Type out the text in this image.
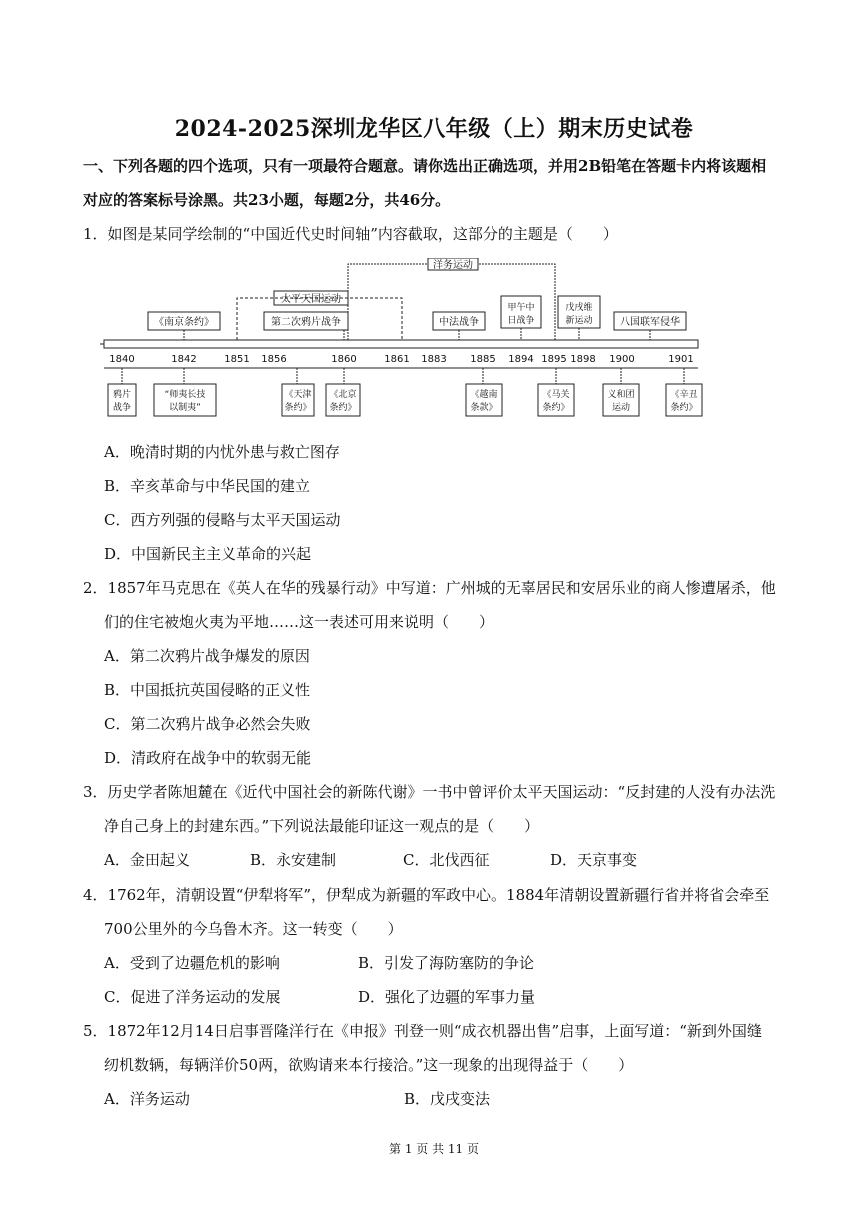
2024-2025深圳龙华区八年级（上）期末历史试卷
一、下列各题的四个选项，只有一项最符合题意。请你选出正确选项，并用2B铅笔在答题卡内将该题相
对应的答案标号涂黑。共23小题，每题2分，共46分。
1．如图是某同学绘制的“中国近代史时间轴”内容截取，这部分的主题是（　　）
1840	1842	1851 1856	1860	1861 1883 1885 1894 1895 1898 1900	1901
《南京条约》
太平天国运动
第二次鸦片战争
洋务运动
中法战争
甲午中
日战争
戊戌维
新运动	八国联军侵华
鸦片
战争
“师夷长技
以制夷”
《天津
条约》
《北京
条约》
《越南
条款》
《马关
条约》
义和团
运动
《辛丑
条约》
A．晚清时期的内忧外患与救亡图存
B．辛亥革命与中华民国的建立
C．西方列强的侵略与太平天国运动
D．中国新民主主义革命的兴起
2．1857年马克思在《英人在华的残暴行动》中写道：广州城的无辜居民和安居乐业的商人惨遭屠杀，他
们的住宅被炮火夷为平地……这一表述可用来说明（　　）
A．第二次鸦片战争爆发的原因
B．中国抵抗英国侵略的正义性
C．第二次鸦片战争必然会失败
D．清政府在战争中的软弱无能
3．历史学者陈旭麓在《近代中国社会的新陈代谢》一书中曾评价太平天国运动：“反封建的人没有办法洗
净自己身上的封建东西。”下列说法最能印证这一观点的是（　　）
A．金田起义	B．永安建制	C．北伐西征	D．天京事变
4．1762年，清朝设置“伊犁将军”，伊犁成为新疆的军政中心。1884年清朝设置新疆行省并将省会牵至
700公里外的今乌鲁木齐。这一转变（　　）
A．受到了边疆危机的影响	B．引发了海防塞防的争论
C．促进了洋务运动的发展	D．强化了边疆的军事力量
5．1872年12月14日启事晋隆洋行在《申报》刊登一则“成衣机器出售”启事，上面写道：“新到外国缝
纫机数辆，每辆洋价50两，欲购请来本行接洽。”这一现象的出现得益于（　　）
A．洋务运动	B．戊戌变法
第 1 页 共 11 页
